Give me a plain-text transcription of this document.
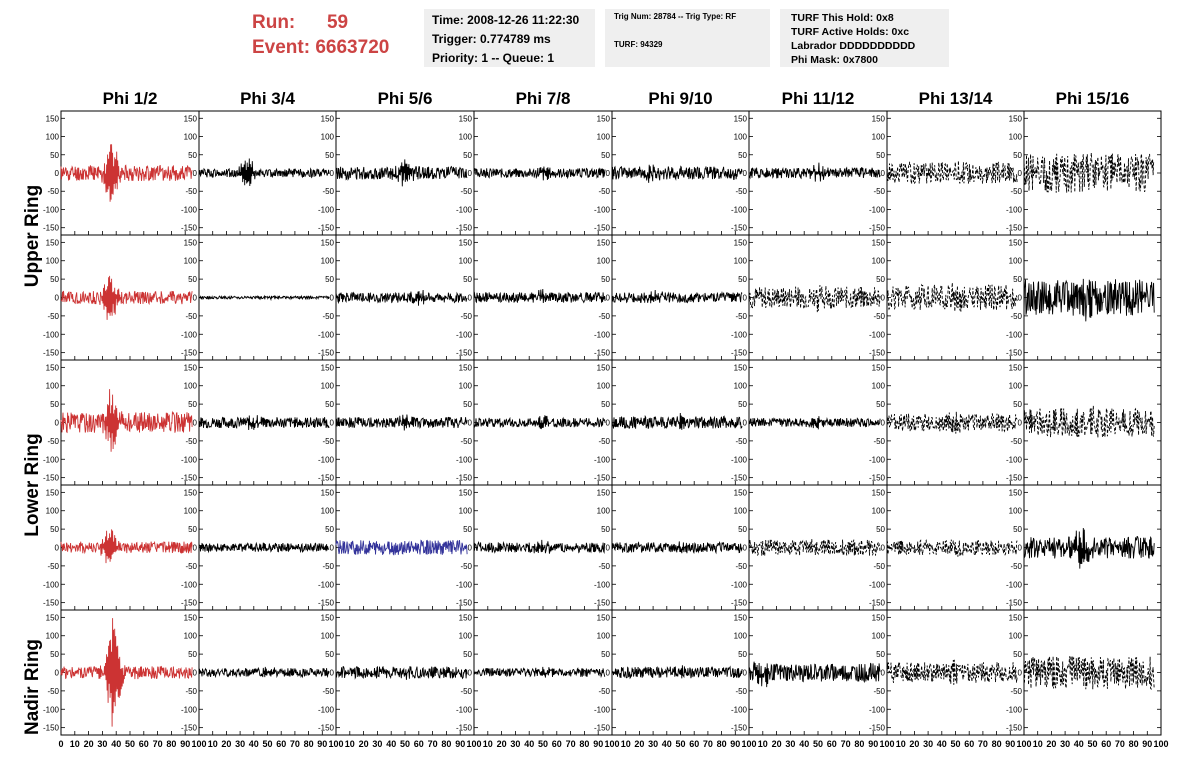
Run: 59
Event: 6663720
Time: 2008-12-26 11:22:30
Trigger: 0.774789 ms
Priority: 1 -- Queue: 1
Trig Num: 28784 -- Trig Type: RF
TURF: 94329
TURF This Hold: 0x8
TURF Active Holds: 0xc
Labrador DDDDDDDDDD
Phi Mask: 0x7800
Phi 1/2	Phi 3/4	Phi 5/6	Phi 7/8	Phi 9/10	Phi 11/12	Phi 13/14	Phi 15/16
Upper Ring
Lower Ring
Nadir Ring
-150
-100
-50
0
50
100
150
-150
-100
-50
0
50
100
150
-150
-100
-50
0
50
100
150
-150
-100
-50
0
50
100
150
-150
-100
-50
0
50
100
150
-150
-100
-50
0
50
100
150
-150
-100
-50
0
50
100
150
-150
-100
-50
0
50
100
150
-150
-100
-50
0
50
100
150
-150
-100
-50
0
50
100
150
-150
-100
-50
0
50
100
150
-150
-100
-50
0
50
100
150
-150
-100
-50
0
50
100
150
-150
-100
-50
0
50
100
150
-150
-100
-50
0
50
100
150
-150
-100
-50
0
50
100
150
-150
-100
-50
0
50
100
150
-150
-100
-50
0
50
100
150
-150
-100
-50
0
50
100
150
-150
-100
-50
0
50
100
150
-150
-100
-50
0
50
100
150
-150
-100
-50
0
50
100
150
-150
-100
-50
0
50
100
150
-150
-100
-50
0
50
100
150
-150
-100
-50
0
50
100
150
-150
-100
-50
0
50
100
150
-150
-100
-50
0
50
100
150
-150
-100
-50
0
50
100
150
-150
-100
-50
0
50
100
150
-150
-100
-50
0
50
100
150
-150
-100
-50
0
50
100
150
-150
-100
-50
0
50
100
150
-150
-100
-50
0
50
100
150
0 10 20 30 40 50 60 70 80 90 100
-150
-100
-50
0
50
100
150
10 20 30 40 50 60 70 80 90 100
-150
-100
-50
0
50
100
150
10 20 30 40 50 60 70 80 90 100
-150
-100
-50
0
50
100
150
10 20 30 40 50 60 70 80 90 100
-150
-100
-50
0
50
100
150
10 20 30 40 50 60 70 80 90 100
-150
-100
-50
0
50
100
150
10 20 30 40 50 60 70 80 90 100
-150
-100
-50
0
50
100
150
10 20 30 40 50 60 70 80 90 100
-150
-100
-50
0
50
100
150
10 20 30 40 50 60 70 80 90 100
